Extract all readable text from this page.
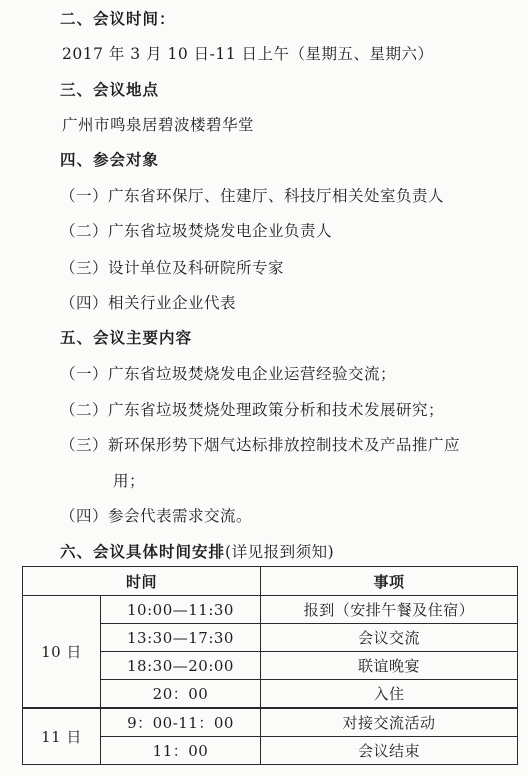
二、会议时间：
2017 年 3 月 10 日-11 日上午（星期五、星期六）
三、会议地点
广州市鸣泉居碧波楼碧华堂
四、参会对象
（一）广东省环保厅、住建厅、科技厅相关处室负责人
（二）广东省垃圾焚烧发电企业负责人
（三）设计单位及科研院所专家
（四）相关行业企业代表
五、会议主要内容
（一）广东省垃圾焚烧发电企业运营经验交流；
（二）广东省垃圾焚烧处理政策分析和技术发展研究；
（三）新环保形势下烟气达标排放控制技术及产品推广应
用；
（四）参会代表需求交流。
六、会议具体时间安排(详见报到须知)
时间		事项
10 日	10:00—11:30	报到（安排午餐及住宿）
	13:30—17:30	会议交流
	18:30—20:00	联谊晚宴
	20：00	入住
11 日	9：00-11：00	对接交流活动
	11：00	会议结束
